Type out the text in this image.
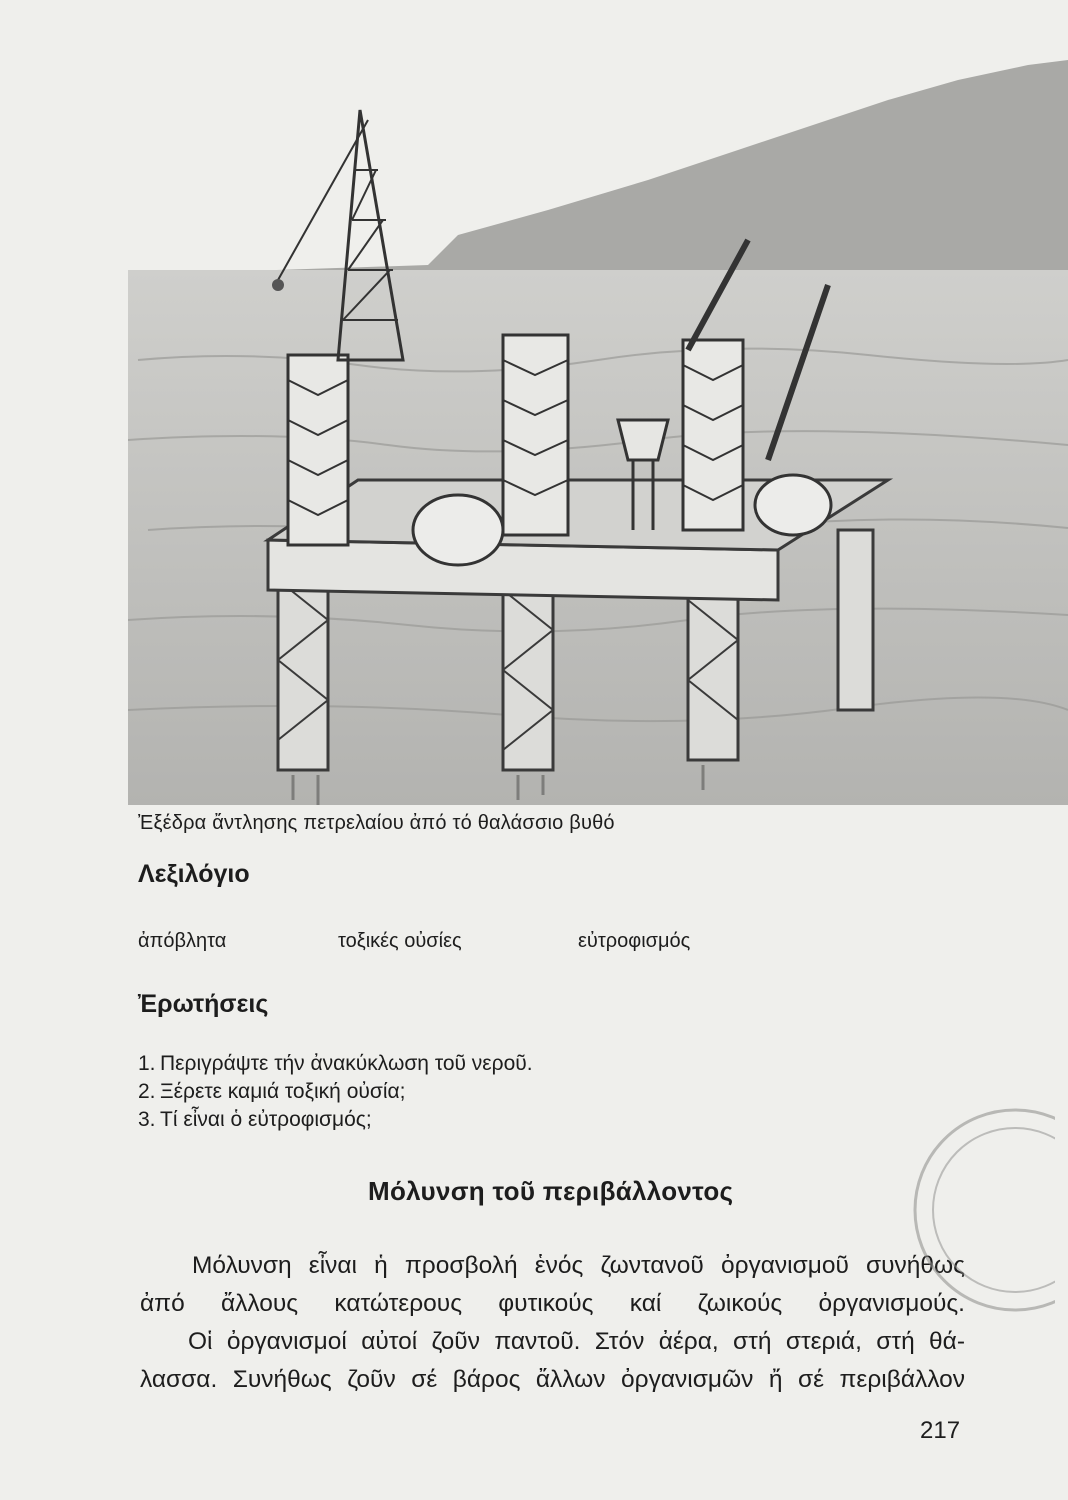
Ἐξέδρα ἄντλησης πετρελαίου ἀπό τό θαλάσσιο βυθό
Λεξιλόγιο
ἀπόβλητα	τοξικές οὐσίες	εὐτροφισμός
Ἐρωτήσεις
1. Περιγράψτε τήν ἀνακύκλωση τοῦ νεροῦ.
2. Ξέρετε καμιά τοξική οὐσία;
3. Τί εἶναι ὁ εὐτροφισμός;
Μόλυνση τοῦ περιβάλλοντος

Μόλυνση εἶναι ἡ προσβολή ἑνός ζωντανοῦ ὀργανισμοῦ συνήθως

ἀπό ἄλλους κατώτερους φυτικούς καί ζωικούς ὀργανισμούς.

Οἱ ὀργανισμοί αὐτοί ζοῦν παντοῦ. Στόν ἀέρα, στή στεριά, στή θά-

λασσα. Συνήθως ζοῦν σέ βάρος ἄλλων ὀργανισμῶν ἤ σέ περιβάλλον

217
